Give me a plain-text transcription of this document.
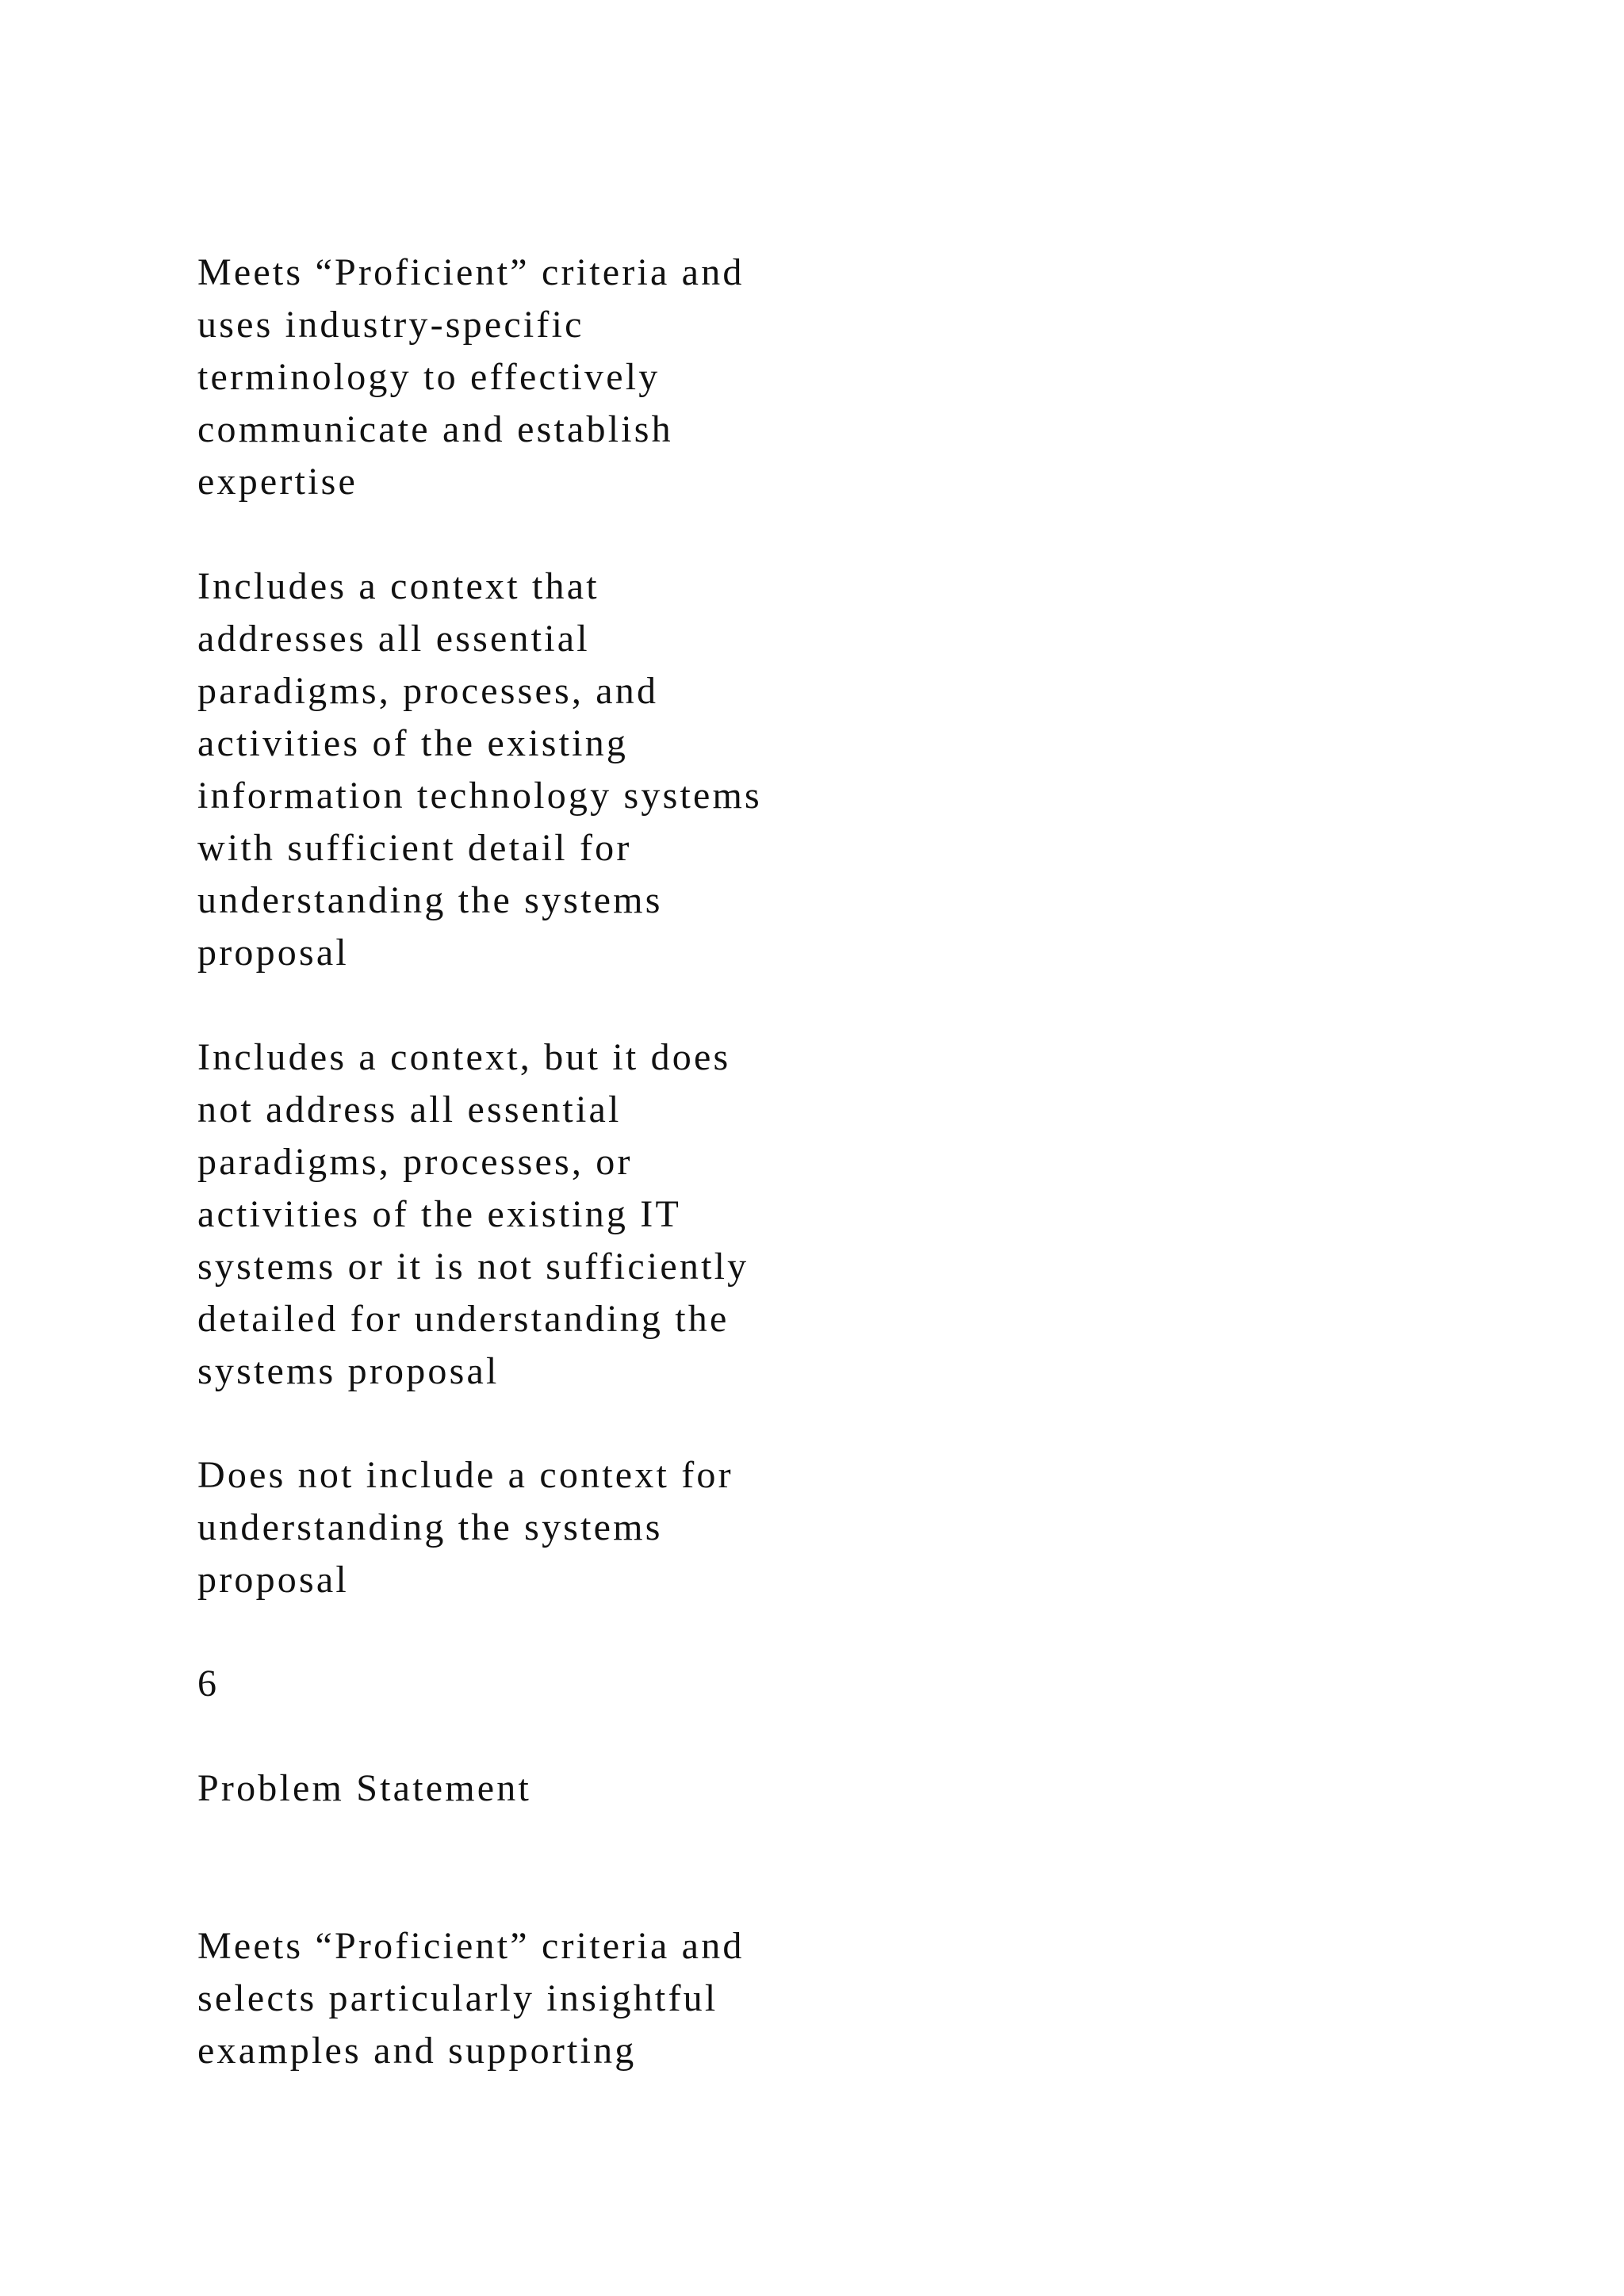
Meets “Proficient” criteria and
uses industry-specific
terminology to effectively
communicate and establish
expertise

Includes a context that
addresses all essential
paradigms, processes, and
activities of the existing
information technology systems
with sufficient detail for
understanding the systems
proposal

Includes a context, but it does
not address all essential
paradigms, processes, or
activities of the existing IT
systems or it is not sufficiently
detailed for understanding the
systems proposal

Does not include a context for
understanding the systems
proposal

6

Problem Statement

Meets “Proficient” criteria and
selects particularly insightful
examples and supporting
